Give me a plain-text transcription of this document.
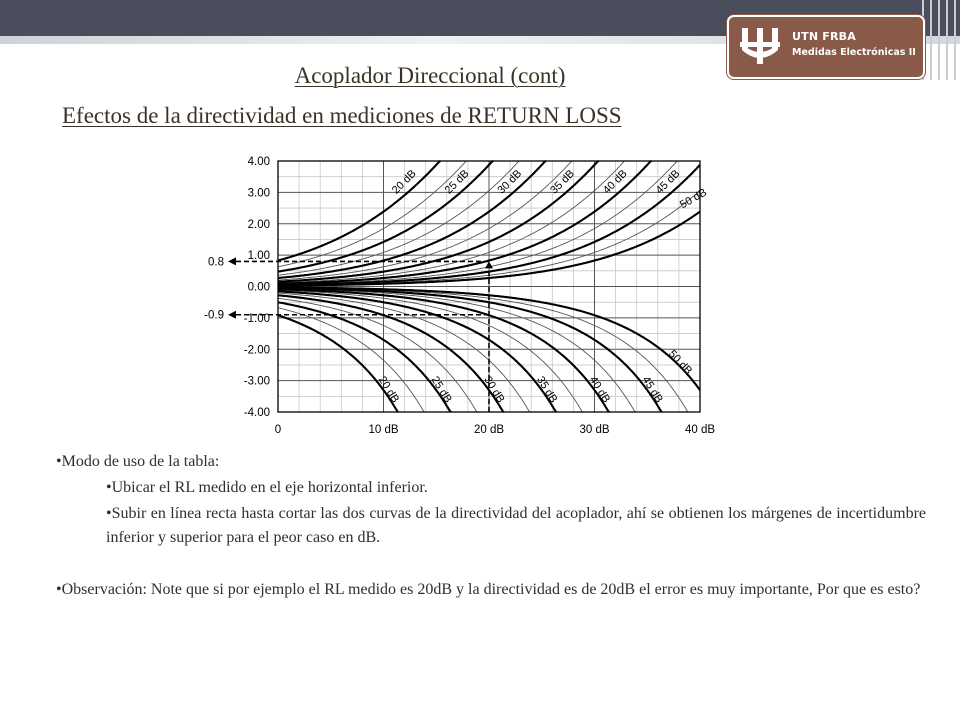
UTN FRBA
Medidas Electrónicas II
Acoplador Direccional (cont)
Efectos de la directividad en mediciones de RETURN LOSS
20 dB
20 dB
25 dB
25 dB
30 dB
30 dB
35 dB
35 dB
40 dB
40 dB
45 dB
45 dB
50 dB
50 dB
4.00
3.00
2.00
1.00
0.00
-1.00
-2.00
-3.00
-4.00
0	10 dB	20 dB	30 dB	40 dB
0.8
-0.9
•Modo de uso de la tabla:
•Ubicar el RL medido en el eje horizontal inferior.
•Subir en línea recta hasta cortar las dos curvas de la directividad del acoplador, ahí se obtienen los márgenes de incertidumbre inferior y superior para el peor caso en dB.
•Observación: Note que si por ejemplo el RL medido es 20dB y la directividad es de 20dB el error es muy importante, Por que es esto?
